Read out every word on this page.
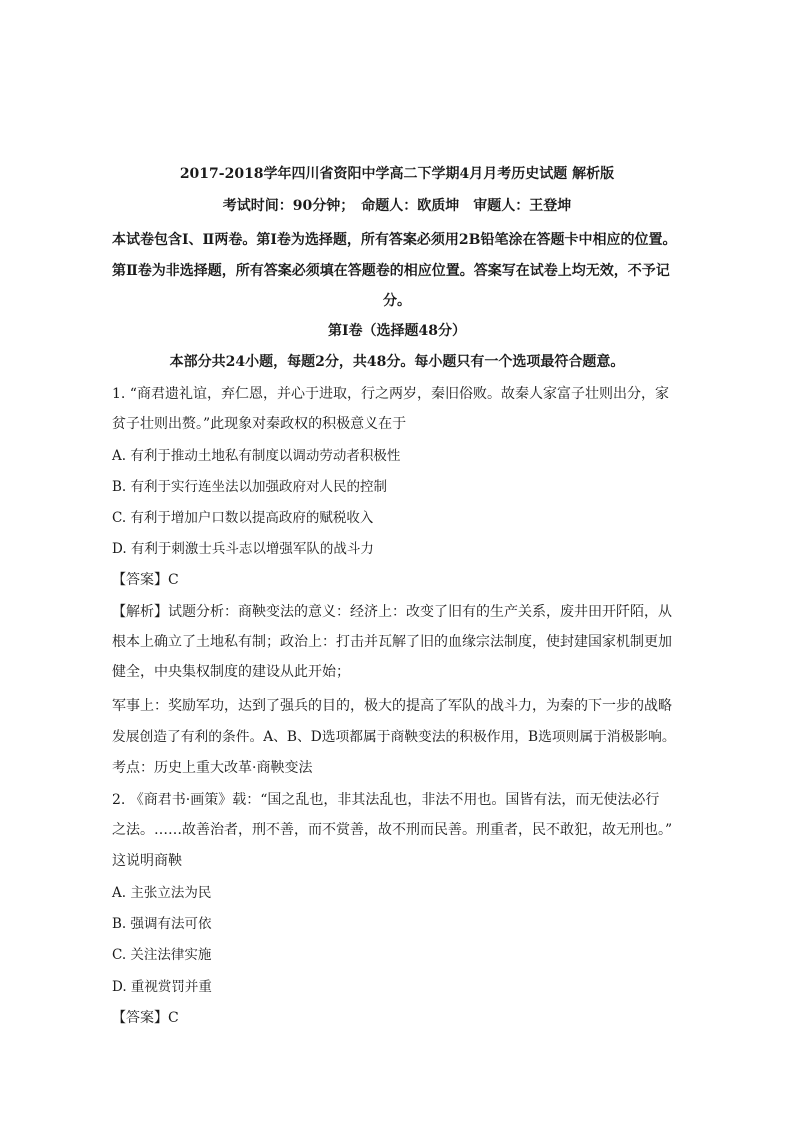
2017-2018学年四川省资阳中学高二下学期4月月考历史试题 解析版
考试时间：90分钟；　命题人：欧质坤　审题人：王登坤
本试卷包含Ⅰ、Ⅱ两卷。第Ⅰ卷为选择题，所有答案必须用2B铅笔涂在答题卡中相应的位置。
第Ⅱ卷为非选择题，所有答案必须填在答题卷的相应位置。答案写在试卷上均无效，不予记
分。
第Ⅰ卷（选择题48分）
本部分共24小题，每题2分，共48分。每小题只有一个选项最符合题意。
1. “商君遗礼谊，弃仁恩，并心于进取，行之两岁，秦旧俗败。故秦人家富子壮则出分，家
贫子壮则出赘。”此现象对秦政权的积极意义在于
A. 有利于推动土地私有制度以调动劳动者积极性
B. 有利于实行连坐法以加强政府对人民的控制
C. 有利于增加户口数以提高政府的赋税收入
D. 有利于刺激士兵斗志以增强军队的战斗力
【答案】C
【解析】试题分析：商鞅变法的意义：经济上：改变了旧有的生产关系，废井田开阡陌，从
根本上确立了土地私有制；政治上：打击并瓦解了旧的血缘宗法制度，使封建国家机制更加
健全，中央集权制度的建设从此开始；
军事上：奖励军功，达到了强兵的目的，极大的提高了军队的战斗力，为秦的下一步的战略
发展创造了有利的条件。A、B、D选项都属于商鞅变法的积极作用，B选项则属于消极影响。
考点：历史上重大改革·商鞅变法
2. 《商君书·画策》载：“国之乱也，非其法乱也，非法不用也。国皆有法，而无使法必行
之法。……故善治者，刑不善，而不赏善，故不刑而民善。刑重者，民不敢犯，故无刑也。”
这说明商鞅
A. 主张立法为民
B. 强调有法可依
C. 关注法律实施
D. 重视赏罚并重
【答案】C
